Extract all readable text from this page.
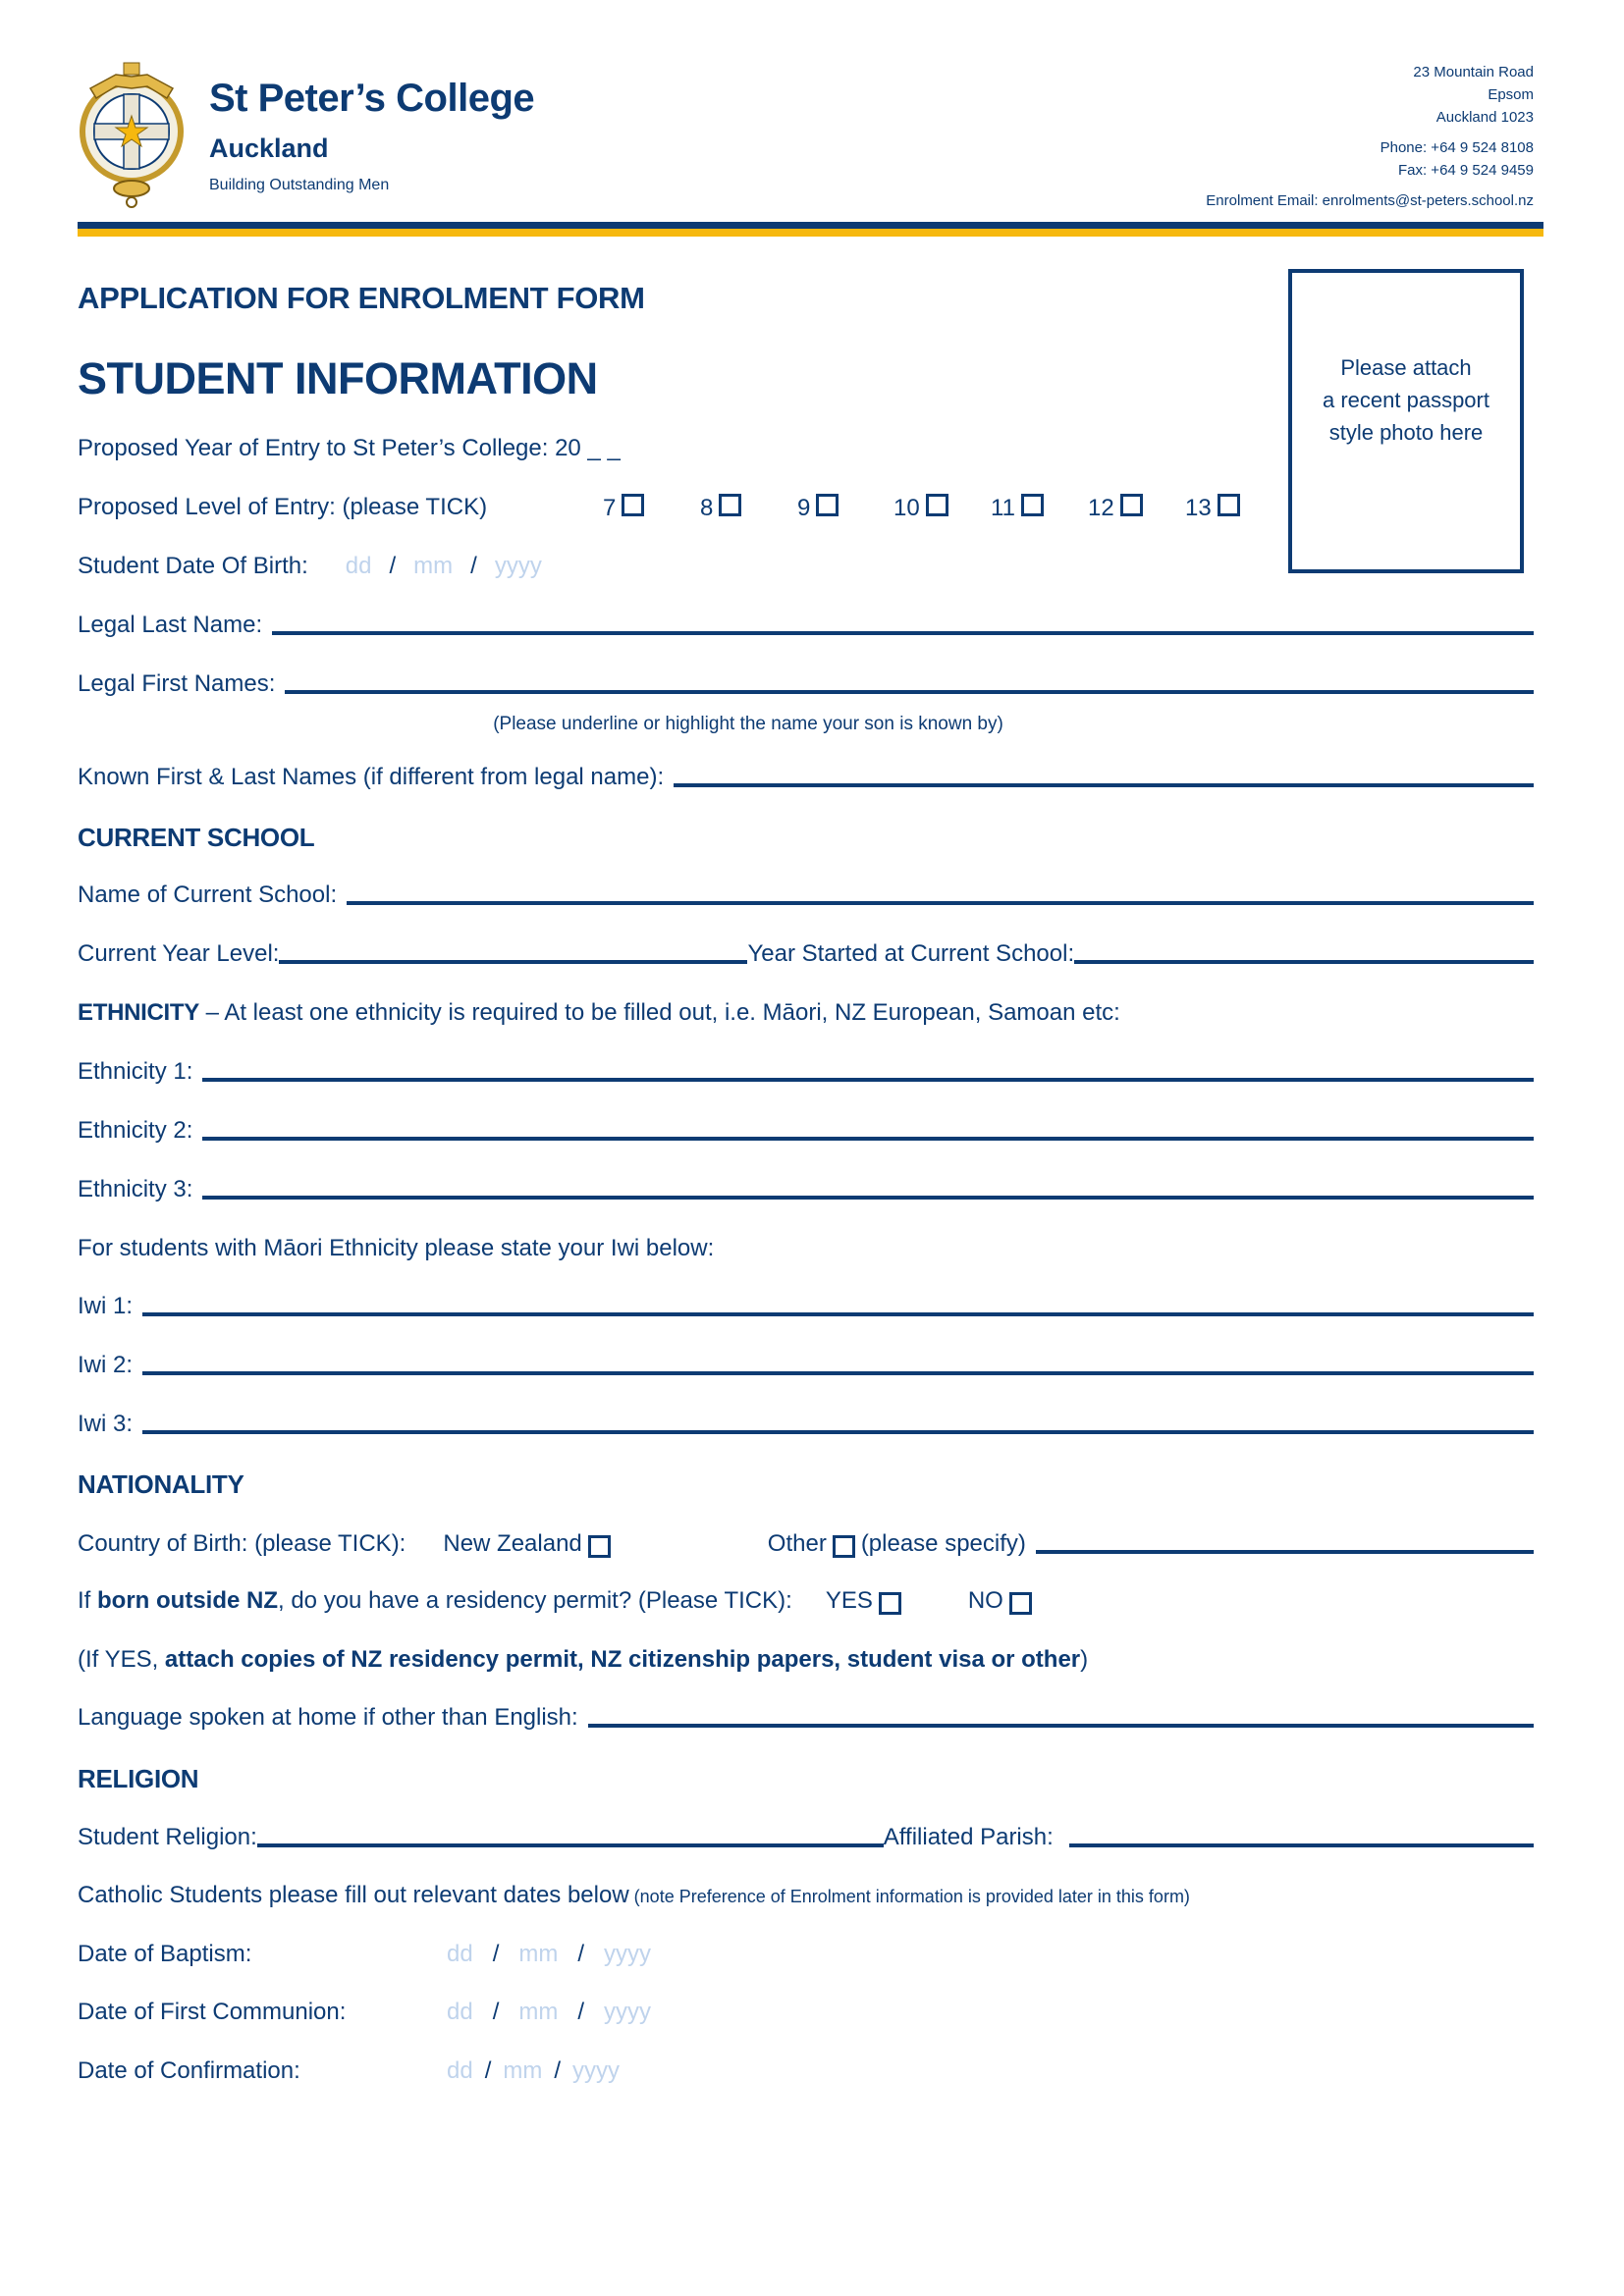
St Peter’s College
Auckland
Building Outstanding Men
23 Mountain Road
Epsom
Auckland 1023
Phone: +64 9 524 8108
Fax: +64 9 524 9459
Enrolment Email: enrolments@st-peters.school.nz
APPLICATION FOR ENROLMENT FORM
STUDENT INFORMATION	Please attach
a recent passport
style photo here
Proposed Year of Entry to St Peter’s College: 20 _ _
Proposed Level of Entry: (please TICK)	7	8	9	10	11	12	13
Student Date Of Birth: dd / mm / yyyy
Legal Last Name:
Legal First Names:
(Please underline or highlight the name your son is known by)
Known First & Last Names (if different from legal name):
CURRENT SCHOOL
Name of Current School:
Current Year Level:	Year Started at Current School:
ETHNICITY – At least one ethnicity is required to be filled out, i.e. Māori, NZ European, Samoan etc:
Ethnicity 1:
Ethnicity 2:
Ethnicity 3:
For students with Māori Ethnicity please state your Iwi below:
Iwi 1:
Iwi 2:
Iwi 3:
NATIONALITY
Country of Birth: (please TICK): New Zealand	Other (please specify)
If born outside NZ , do you have a residency permit? (Please TICK): YES	NO
(If YES, attach copies of NZ residency permit, NZ citizenship papers, student visa or other )
Language spoken at home if other than English:
RELIGION
Student Religion:	Affiliated Parish:
Catholic Students please fill out relevant dates below (note Preference of Enrolment information is provided later in this form)
Date of Baptism:	dd / mm / yyyy
Date of First Communion:	dd / mm / yyyy
Date of Confirmation:	dd / mm / yyyy
